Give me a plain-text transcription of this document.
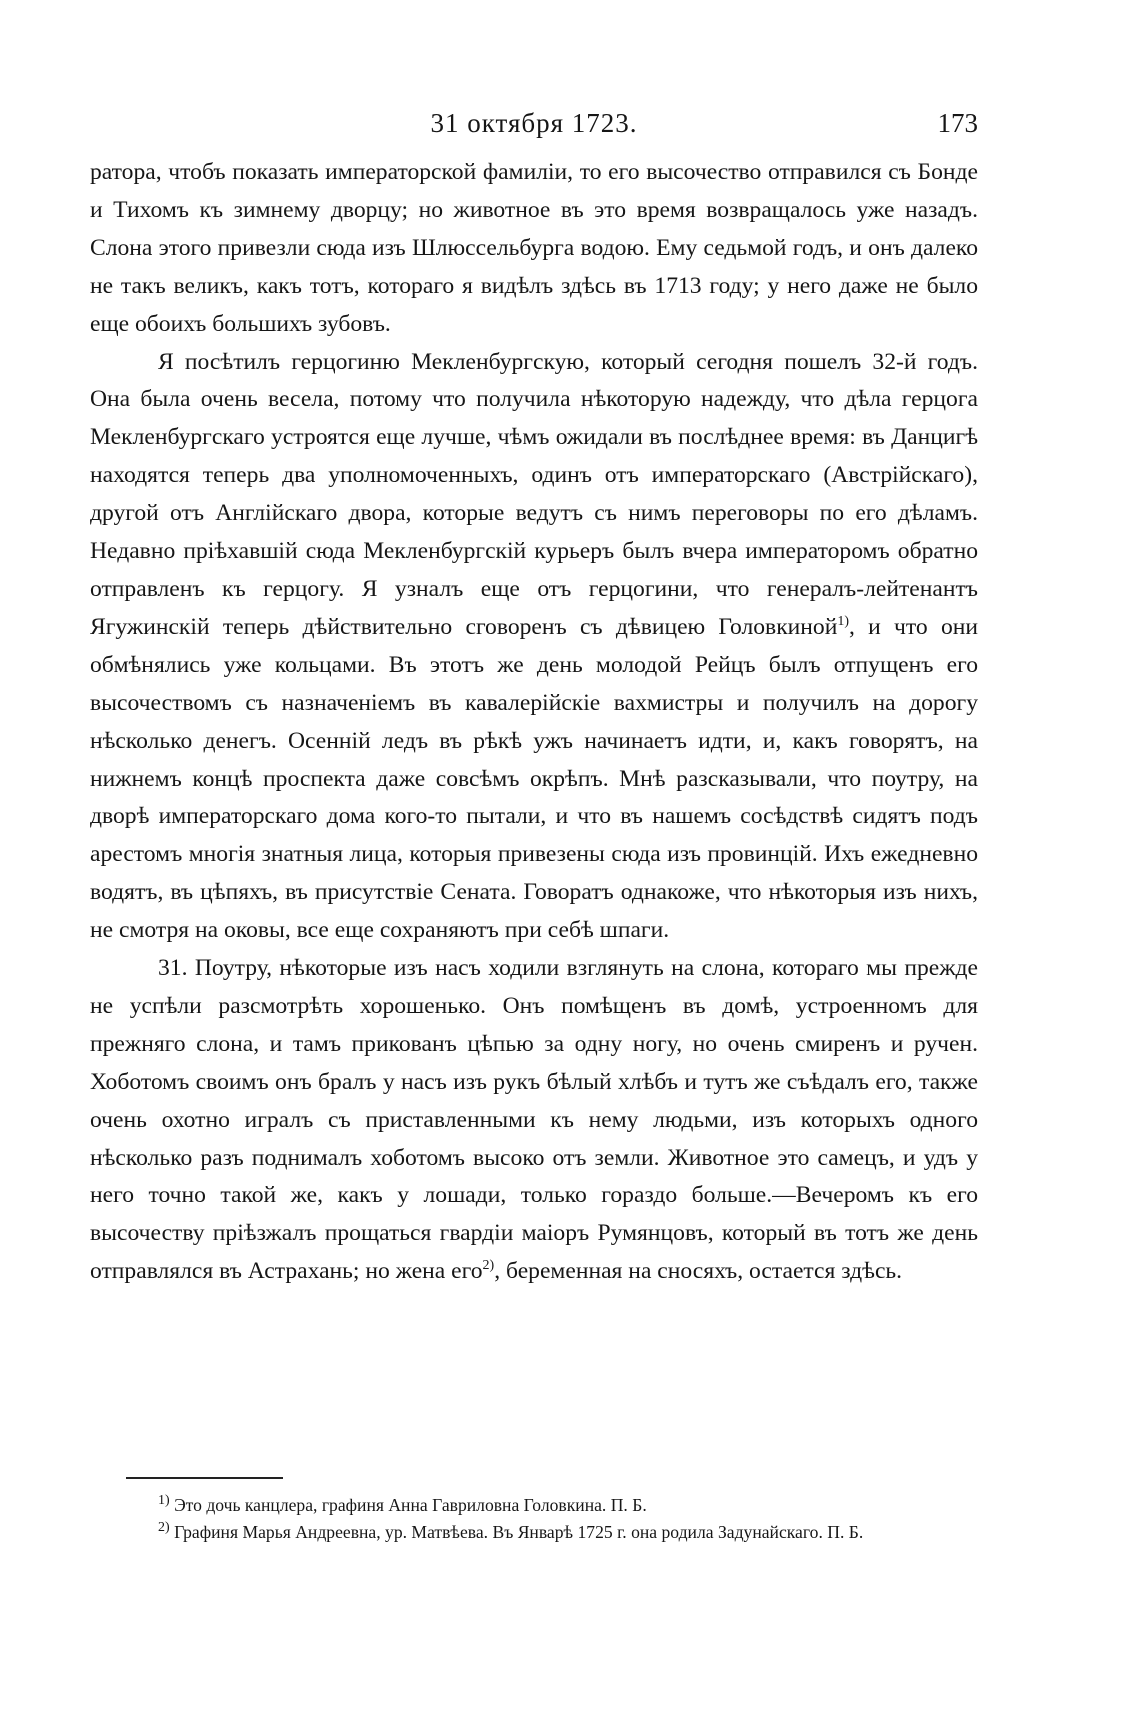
31 октября 1723.	173

ратора, чтобъ показать императорской фамиліи, то его высочество отправился съ Бонде и Тихомъ къ зимнему дворцу; но животное въ это время возвращалось уже назадъ. Слона этого привезли сюда изъ Шлюссельбурга водою. Ему седьмой годъ, и онъ далеко не такъ великъ, какъ тотъ, котораго я видѣлъ здѣсь въ 1713 году; у него даже не было еще обоихъ большихъ зубовъ.

Я посѣтилъ герцогиню Мекленбургскую, который сегодня пошелъ 32-й годъ. Она была очень весела, потому что получила нѣкоторую надежду, что дѣла герцога Мекленбургскаго устроятся еще лучше, чѣмъ ожидали въ послѣднее время: въ Данцигѣ находятся теперь два уполномоченныхъ, одинъ отъ императорскаго (Австрійскаго), другой отъ Англійскаго двора, которые ведутъ съ нимъ переговоры по его дѣламъ. Недавно пріѣхавшій сюда Мекленбургскій курьеръ былъ вчера императоромъ обратно отправленъ къ герцогу. Я узналъ еще отъ герцогини, что генералъ-лейтенантъ Ягужинскій теперь дѣйствительно сговоренъ съ дѣвицею Головкиной$^{1)}$, и что они обмѣнялись уже кольцами. Въ этотъ же день молодой Рейцъ былъ отпущенъ его высочествомъ съ назначеніемъ въ кавалерійскіе вахмистры и получилъ на дорогу нѣсколько денегъ. Осенній ледъ въ рѣкѣ ужъ начинаетъ идти, и, какъ говорятъ, на нижнемъ концѣ проспекта даже совсѣмъ окрѣпъ. Мнѣ разсказывали, что поутру, на дворѣ императорскаго дома кого-то пытали, и что въ нашемъ сосѣдствѣ сидятъ подъ арестомъ многія знатныя лица, которыя привезены сюда изъ провинцій. Ихъ ежедневно водятъ, въ цѣпяхъ, въ присутствіе Сената. Говоратъ однакоже, что нѣкоторыя изъ нихъ, не смотря на оковы, все еще сохраняютъ при себѣ шпаги.

31. Поутру, нѣкоторые изъ насъ ходили взглянуть на слона, котораго мы прежде не успѣли разсмотрѣть хорошенько. Онъ помѣщенъ въ домѣ, устроенномъ для прежняго слона, и тамъ прикованъ цѣпью за одну ногу, но очень смиренъ и ручен. Хоботомъ своимъ онъ бралъ у насъ изъ рукъ бѣлый хлѣбъ и тутъ же съѣдалъ его, также очень охотно игралъ съ приставленными къ нему людьми, изъ которыхъ одного нѣсколько разъ поднималъ хоботомъ высоко отъ земли. Животное это самецъ, и удъ у него точно такой же, какъ у лошади, только гораздо больше.—Вечеромъ къ его высочеству пріѣзжалъ прощаться гвардіи маіоръ Румянцовъ, который въ тотъ же день отправлялся въ Астрахань; но жена его$^{2)}$, беременная на сносяхъ, остается здѣсь.

$^{1)}$ Это дочь канцлера, графиня Анна Гавриловна Головкина. П. Б.

$^{2)}$ Графиня Марья Андреевна, ур. Матвѣева. Въ Январѣ 1725 г. она родила Задунайскаго. П. Б.
